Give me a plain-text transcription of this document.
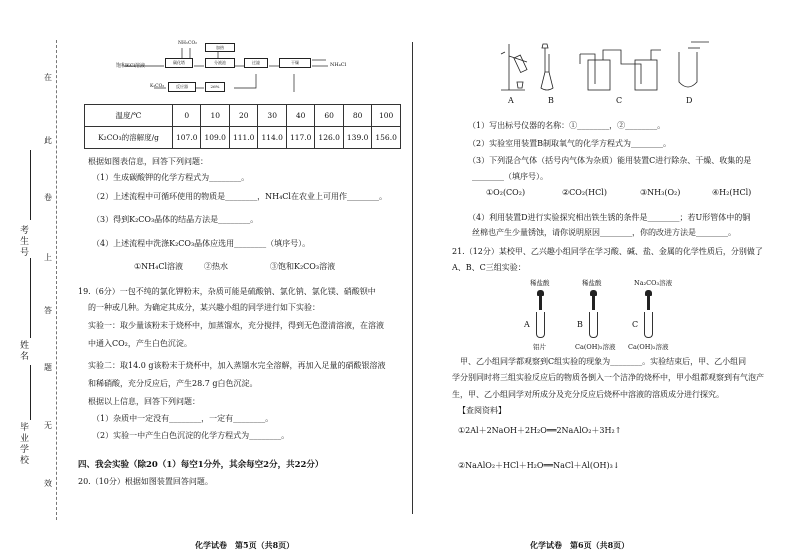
在
此
卷
上
答
题
无
效
考生号
姓名
毕业学校
饱和KCl溶液
NH₃ CO₂
碳化塔
加热
分液池	过滤	干燥	NH₄Cl
K₂CO₃	反应器	26%
温度/℃	0	10	20	30	40	60	80	100
K₂CO₃的溶解度/g	107.0	109.0	111.0	114.0	117.0	126.0	139.0	156.0
根据如图表信息，回答下列问题：
（1）生成碳酸钾的化学方程式为________。
（2）上述流程中可循环使用的物质是________，NH₄Cl在农业上可用作________。
（3）得到K₂CO₃晶体的结晶方法是________。
（4）上述流程中洗涤K₂CO₃晶体应选用________（填序号）。
①NH₄Cl溶液	②热水	③饱和K₂CO₃溶液
19.（6分）一包不纯的氯化钾粉末，杂质可能是硫酸钠、氯化钠、氯化镁、硝酸钡中
的一种或几种。为确定其成分，某兴趣小组的同学进行如下实验：
实验一：取少量该粉末于烧杯中，加蒸馏水，充分搅拌，得到无色澄清溶液，在溶液
中通入CO₂，产生白色沉淀。
实验二：取14.0 g该粉末于烧杯中，加入蒸馏水完全溶解，再加入足量的硝酸银溶液
和稀硝酸，充分反应后，产生28.7 g白色沉淀。
根据以上信息，回答下列问题：
（1）杂质中一定没有________，一定有________。
（2）实验一中产生白色沉淀的化学方程式为________。
四、我会实验（除20（1）每空1分外，其余每空2分，共22分）
20.（10分）根据如图装置回答问题。
化学试卷　第5页（共8页）
A	B	C	D
（1）写出标号仪器的名称：①________，②________。
（2）实验室用装置B制取氧气的化学方程式为________。
（3）下列混合气体（括号内气体为杂质）能用装置C进行除杂、干燥、收集的是
________（填序号）。
①O₂(CO₂)	②CO₂(HCl)	③NH₃(O₂)	④H₂(HCl)
（4）利用装置D进行实验探究相出铁生锈的条件是________；若U形管体中的铜
丝棉也产生少量锈蚀，请你说明原因________，你的改进方法是________。
21.（12分）某校甲、乙兴趣小组同学在学习酸、碱、盐、金属的化学性质后，分别做了
A、B、C三组实验：
稀盐酸	稀盐酸	Na₂CO₃溶液
A	B	C
铝片	Ca(OH)₂溶液 Ca(OH)₂溶液
甲、乙小组同学都观察到C组实验的现象为________。实验结束后，甲、乙小组同
学分别同时将三组实验反应后的物质各倒入一个洁净的烧杯中，甲小组都观察到有气泡产
生，甲、乙小组同学对所成分及充分反应后烧杯中溶液的溶质成分进行探究。
【查阅资料】
①2Al＋2NaOH＋2H₂O══2NaAlO₂＋3H₂↑
②NaAlO₂＋HCl＋H₂O══NaCl＋Al(OH)₃↓
化学试卷　第6页（共8页）
